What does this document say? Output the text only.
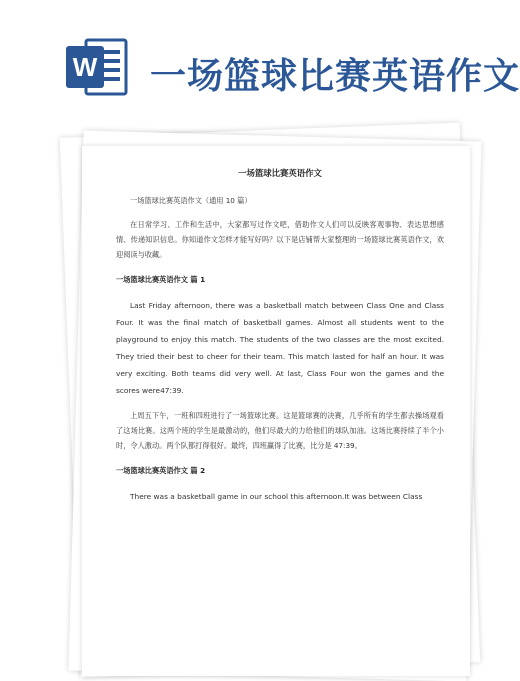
W 一场篮球比赛英语作文
一场篮球比赛英语作文

一场篮球比赛英语作文（通用 10 篇）

在日常学习、工作和生活中，大家都写过作文吧，借助作文人们可以反映客观事物、表达思想感情、传递知识信息。你知道作文怎样才能写好吗？以下是店铺帮大家整理的一场篮球比赛英语作文，欢迎阅读与收藏。

一场篮球比赛英语作文 篇 1

Last Friday afternoon, there was a basketball match between Class One and Class Four. It was the final match of basketball games. Almost all students went to the playground to enjoy this match. The students of the two classes are the most excited. They tried their best to cheer for their team. This match lasted for half an hour. It was very exciting. Both teams did very well. At last, Class Four won the games and the scores were47:39.

上周五下午，一班和四班进行了一场篮球比赛。这是篮球赛的决赛，几乎所有的学生都去操场观看了这场比赛。这两个班的学生是最激动的，他们尽最大的力给他们的球队加油。这场比赛持续了半个小时，令人激动。两个队都打得很好。最终，四班赢得了比赛，比分是 47:39。

一场篮球比赛英语作文 篇 2

There was a basketball game in our school this afternoon.It was between Class
